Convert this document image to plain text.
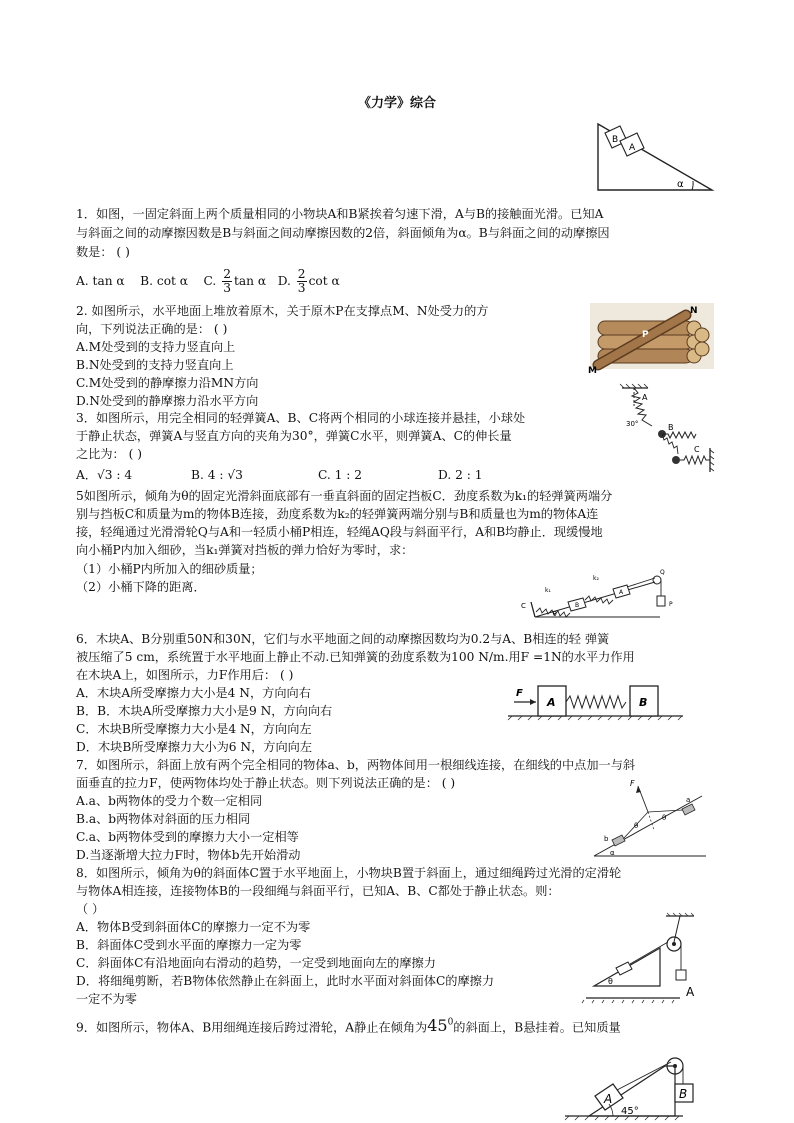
《力学》综合
B
A
α
1．如图，一固定斜面上两个质量相同的小物块A和B紧挨着匀速下滑，A与B的接触面光滑。已知A
与斜面之间的动摩擦因数是B与斜面之间动摩擦因数的2倍，斜面倾角为α。B与斜面之间的动摩擦因
数是： ( )
A. tan α B. cot α C. $\frac{2}{3}$ tan α D. $\frac{2}{3}$ cot α
N
P
M
2. 如图所示，水平地面上堆放着原木，关于原木P在支撑点M、N处受力的方
向，下列说法正确的是： ( )
A.M处受到的支持力竖直向上
B.N处受到的支持力竖直向上
C.M处受到的静摩擦力沿MN方向
D.N处受到的静摩擦力沿水平方向	A
30°	B
C
3．如图所示，用完全相同的轻弹簧A、B、C将两个相同的小球连接并悬挂，小球处
于静止状态，弹簧A与竖直方向的夹角为30°，弹簧C水平，则弹簧A、C的伸长量
之比为： ( )
A．√3 : 4	B. 4 : √3	C. 1 : 2	D. 2 : 1
5如图所示，倾角为θ的固定光滑斜面底部有一垂直斜面的固定挡板C．劲度系数为k₁的轻弹簧两端分
别与挡板C和质量为m的物体B连接，劲度系数为k₂的轻弹簧两端分别与B和质量也为m的物体A连
接，轻绳通过光滑滑轮Q与A和一轻质小桶P相连，轻绳AQ段与斜面平行，A和B均静止．现缓慢地
向小桶P内加入细砂，当k₁弹簧对挡板的弹力恰好为零时，求：
（1）小桶P内所加入的细砂质量；
（2）小桶下降的距离．
C
k₁
B
k₂
A
Q
P
θ
6．木块A、B分别重50N和30N，它们与水平地面之间的动摩擦因数均为0.2与A、B相连的轻 弹簧
被压缩了5 cm，系统置于水平地面上静止不动.已知弹簧的劲度系数为100 N/m.用F =1N的水平力作用
在木块A上，如图所示，力F作用后： ( )
A．木块A所受摩擦力大小是4 N，方向向右
B．B．木块A所受摩擦力大小是9 N，方向向右
C．木块B所受摩擦力大小是4 N，方向向左
D．木块B所受摩擦力大小为6 N，方向向左
F
A	B
7．如图所示，斜面上放有两个完全相同的物体a、b，两物体间用一根细线连接，在细线的中点加一与斜
面垂直的拉力F，使两物体均处于静止状态。则下列说法正确的是： ( )
A.a、b两物体的受力个数一定相同
B.a、b两物体对斜面的压力相同
C.a、b两物体受到的摩擦力大小一定相等
D.当逐渐增大拉力F时，物体b先开始滑动
b
a
F
θ
θ
α
8．如图所示，倾角为θ的斜面体C置于水平地面上，小物块B置于斜面上，通过细绳跨过光滑的定滑轮
与物体A相连接，连接物体B的一段细绳与斜面平行，已知A、B、C都处于静止状态。则：
（ ）
A．物体B受到斜面体C的摩擦力一定不为零
B．斜面体C受到水平面的摩擦力一定为零
C．斜面体C有沿地面向右滑动的趋势，一定受到地面向左的摩擦力
D．将细绳剪断，若B物体依然静止在斜面上，此时水平面对斜面体C的摩擦力
一定不为零	A
θ
9．如图所示，物体A、B用细绳连接后跨过滑轮，A静止在倾角为$45^0$的斜面上，B悬挂着。已知质量
A	B
45°
